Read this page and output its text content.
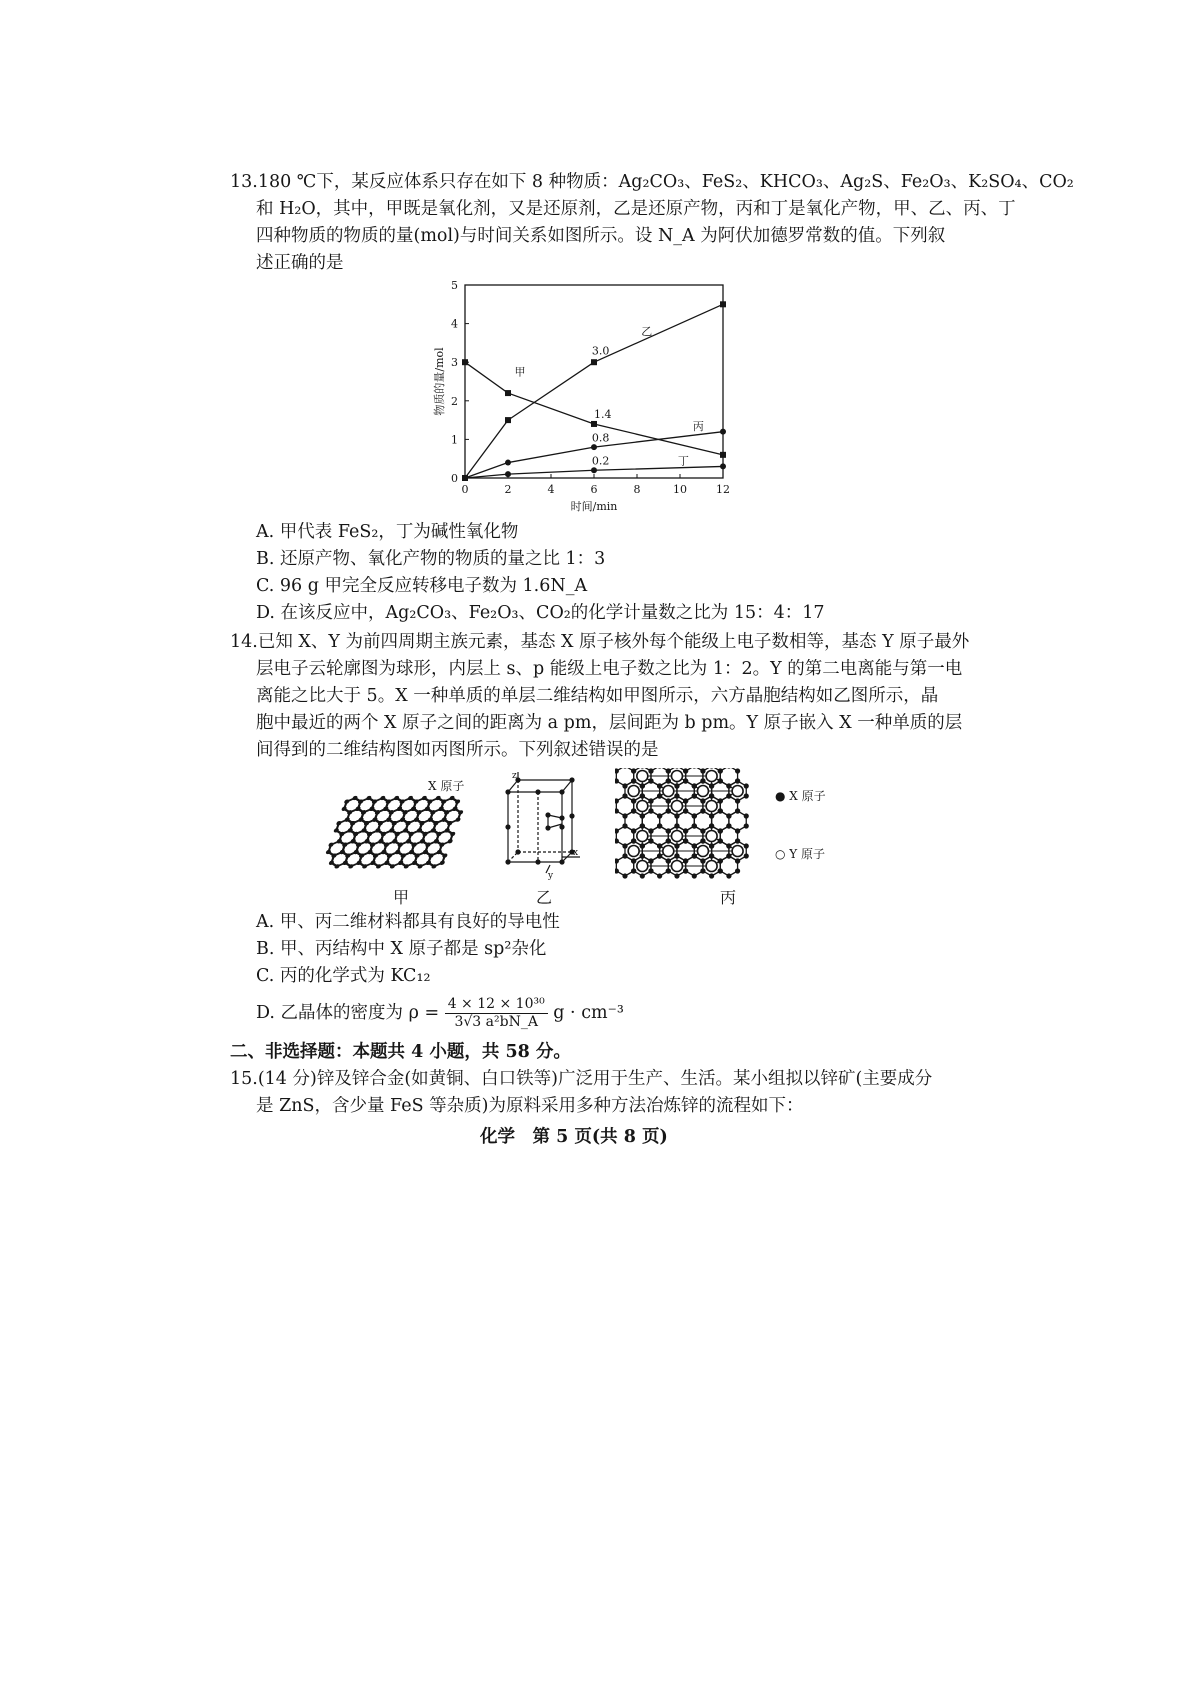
13.180 ℃下，某反应体系只存在如下 8 种物质：Ag₂CO₃、FeS₂、KHCO₃、Ag₂S、Fe₂O₃、K₂SO₄、CO₂
和 H₂O，其中，甲既是氧化剂，又是还原剂，乙是还原产物，丙和丁是氧化产物，甲、乙、丙、丁
四种物质的物质的量(mol)与时间关系如图所示。设 N_A 为阿伏加德罗常数的值。下列叙
述正确的是
0	2	4	6	8	10	12
0
1
2
3
4
5
时间/min
物质的量/mol	甲
乙
丙
丁
3.0
1.4
0.8
0.2
A. 甲代表 FeS₂，丁为碱性氧化物
B. 还原产物、氧化产物的物质的量之比 1：3
C. 96 g 甲完全反应转移电子数为 1.6N_A
D. 在该反应中，Ag₂CO₃、Fe₂O₃、CO₂的化学计量数之比为 15：4：17
14.已知 X、Y 为前四周期主族元素，基态 X 原子核外每个能级上电子数相等，基态 Y 原子最外
层电子云轮廓图为球形，内层上 s、p 能级上电子数之比为 1：2。Y 的第二电离能与第一电
离能之比大于 5。X 一种单质的单层二维结构如甲图所示，六方晶胞结构如乙图所示，晶
胞中最近的两个 X 原子之间的距离为 a pm，层间距为 b pm。Y 原子嵌入 X 一种单质的层
间得到的二维结构图如丙图所示。下列叙述错误的是
X 原子
甲
z
x
y
乙	丙
● X 原子
○ Y 原子
A. 甲、丙二维材料都具有良好的导电性
B. 甲、丙结构中 X 原子都是 sp²杂化
C. 丙的化学式为 KC₁₂
D. 乙晶体的密度为 $\rho = \frac{\text{4 × 12 × 10³⁰}}{\text{3√3 a²bN\_A}}$ g · cm⁻³
二、非选择题：本题共 4 小题，共 58 分。
15.(14 分)锌及锌合金(如黄铜、白口铁等)广泛用于生产、生活。某小组拟以锌矿(主要成分
是 ZnS，含少量 FeS 等杂质)为原料采用多种方法冶炼锌的流程如下：
化学　第 5 页(共 8 页)
